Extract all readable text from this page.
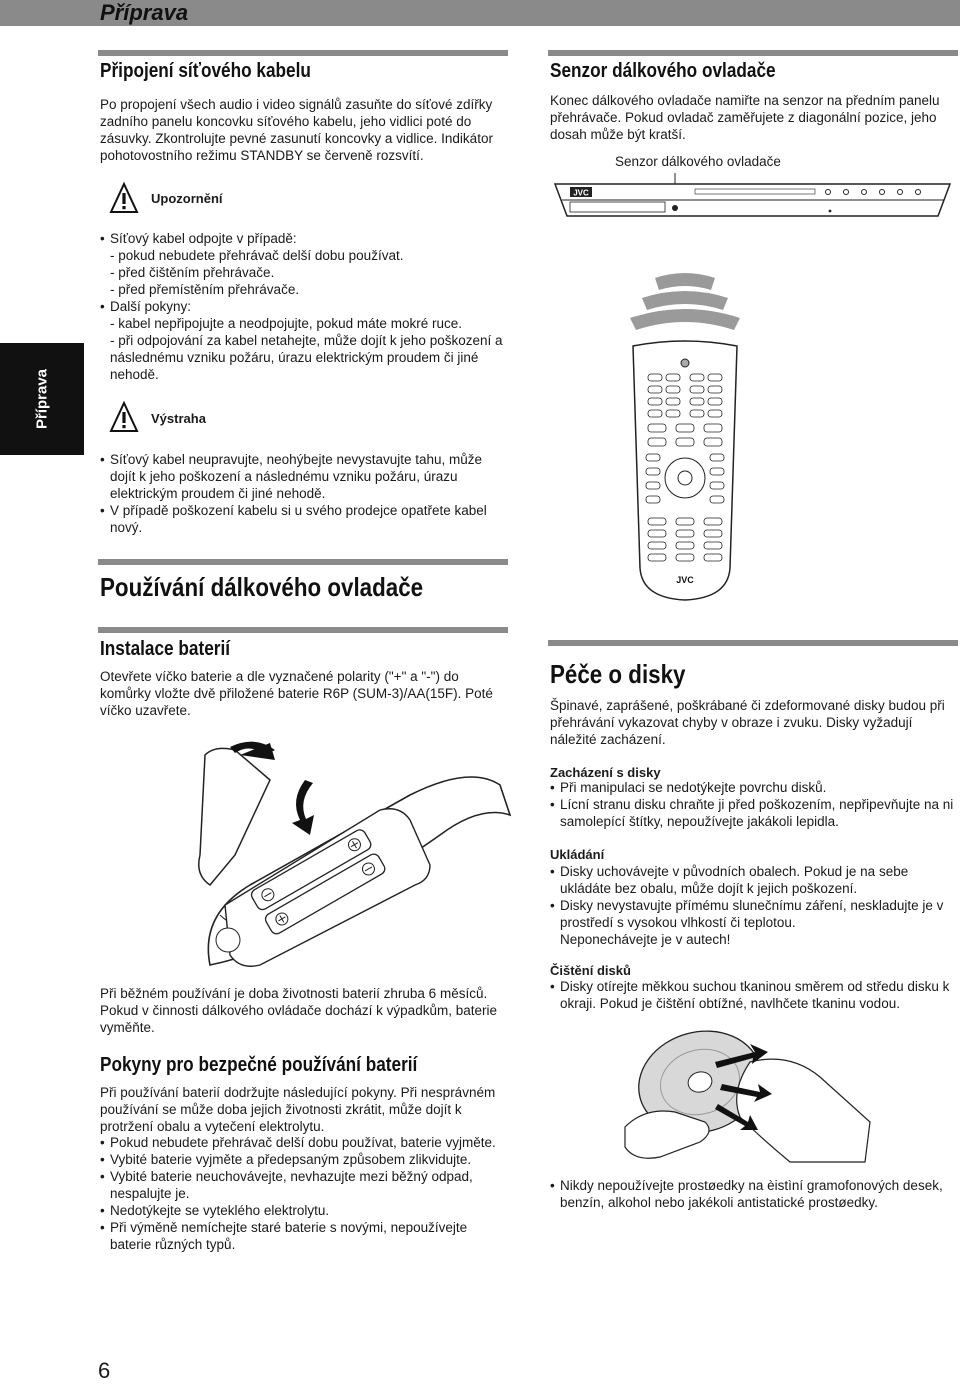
Příprava
Příprava
Připojení síťového kabelu

Po propojení všech audio i video signálů zasuňte do síťové zdířky zadního panelu koncovku síťového kabelu, jeho vidlici poté do zásuvky. Zkontrolujte pevné zasunutí koncovky a vidlice. Indikátor pohotovostního režimu STANDBY se červeně rozsvítí.

Upozornění
• Síťový kabel odpojte v případě:
- pokud nebudete přehrávač delší dobu používat.
- před čištěním přehrávače.
- před přemístěním přehrávače.
• Další pokyny:
- kabel nepřipojujte a neodpojujte, pokud máte mokré ruce.
- při odpojování za kabel netahejte, může dojít k jeho poškození a následnému vzniku požáru, úrazu elektrickým proudem či jiné nehodě.
Výstraha
• Síťový kabel neupravujte, neohýbejte nevystavujte tahu, může dojít k jeho poškození a následnému vzniku požáru, úrazu elektrickým proudem či jiné nehodě.
• V případě poškození kabelu si u svého prodejce opatřete kabel nový.
Senzor dálkového ovladače

Konec dálkového ovladače namiřte na senzor na předním panelu přehrávače. Pokud ovladač zaměřujete z diagonální pozice, jeho dosah může být kratší.

Senzor dálkového ovladače
JVC
JVC
Používání dálkového ovladače
Instalace baterií

Otevřete víčko baterie a dle vyznačené polarity ("+" a "-") do komůrky vložte dvě přiložené baterie R6P (SUM-3)/AA(15F). Poté víčko uzavřete.

Při běžném používání je doba životnosti baterií zhruba 6 měsíců. Pokud v činnosti dálkového ovládače dochází k výpadkům, baterie vyměňte.

Pokyny pro bezpečné používání baterií

Při používání baterií dodržujte následující pokyny. Při nesprávném používání se může doba jejich životnosti zkrátit, může dojít k protržení obalu a vytečení elektrolytu.

• Pokud nebudete přehrávač delší dobu používat, baterie vyjměte.
• Vybité baterie vyjměte a předepsaným způsobem zlikvidujte.
• Vybité baterie neuchovávejte, nevhazujte mezi běžný odpad, nespalujte je.
• Nedotýkejte se vyteklého elektrolytu.
• Při výměně nemíchejte staré baterie s novými, nepoužívejte baterie různých typů.
Péče o disky

Špinavé, zaprášené, poškrábané či zdeformované disky budou při přehrávání vykazovat chyby v obraze i zvuku. Disky vyžadují náležité zacházení.

Zacházení s disky
• Při manipulaci se nedotýkejte povrchu disků.
• Lícní stranu disku chraňte ji před poškozením, nepřipevňujte na ni samolepící štítky, nepoužívejte jakákoli lepidla.
Ukládání
• Disky uchovávejte v původních obalech. Pokud je na sebe ukládáte bez obalu, může dojít k jejich poškození.
• Disky nevystavujte přímému slunečnímu záření, neskladujte je v prostředí s vysokou vlhkostí či teplotou.
Neponechávejte je v autech!
Čištění disků
• Disky otírejte měkkou suchou tkaninou směrem od středu disku k okraji. Pokud je čištění obtížné, navlhčete tkaninu vodou.
• Nikdy nepoužívejte prostøedky na èistìní gramofonových desek, benzín, alkohol nebo jakékoli antistatické prostøedky.
6
